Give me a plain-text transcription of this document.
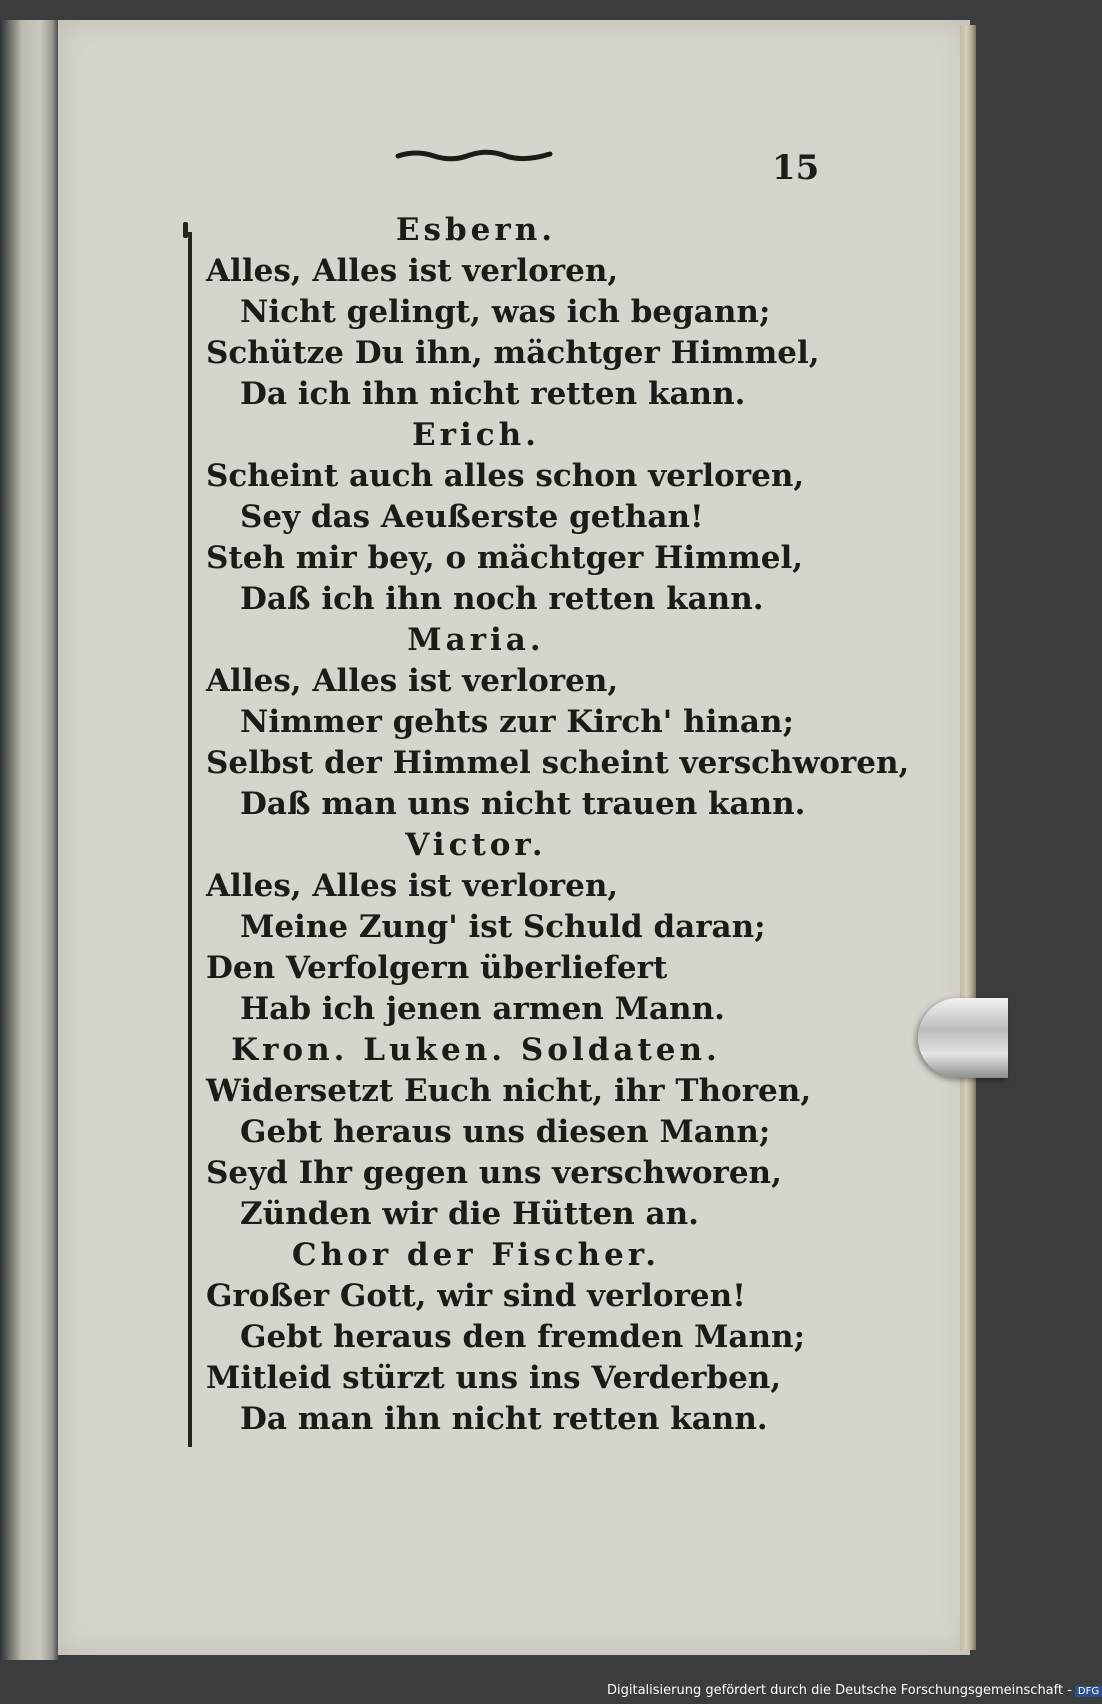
15
Esbern.
Alles, Alles ist verloren,
Nicht gelingt, was ich begann;
Schütze Du ihn, mächtger Himmel,
Da ich ihn nicht retten kann.
Erich.
Scheint auch alles schon verloren,
Sey das Aeußerste gethan!
Steh mir bey, o mächtger Himmel,
Daß ich ihn noch retten kann.
Maria.
Alles, Alles ist verloren,
Nimmer gehts zur Kirch' hinan;
Selbst der Himmel scheint verschworen,
Daß man uns nicht trauen kann.
Victor.
Alles, Alles ist verloren,
Meine Zung' ist Schuld daran;
Den Verfolgern überliefert
Hab ich jenen armen Mann.
Kron. Luken. Soldaten.
Widersetzt Euch nicht, ihr Thoren,
Gebt heraus uns diesen Mann;
Seyd Ihr gegen uns verschworen,
Zünden wir die Hütten an.
Chor der Fischer.
Großer Gott, wir sind verloren!
Gebt heraus den fremden Mann;
Mitleid stürzt uns ins Verderben,
Da man ihn nicht retten kann.
Digitalisierung gefördert durch die Deutsche Forschungsgemeinschaft - DFG
